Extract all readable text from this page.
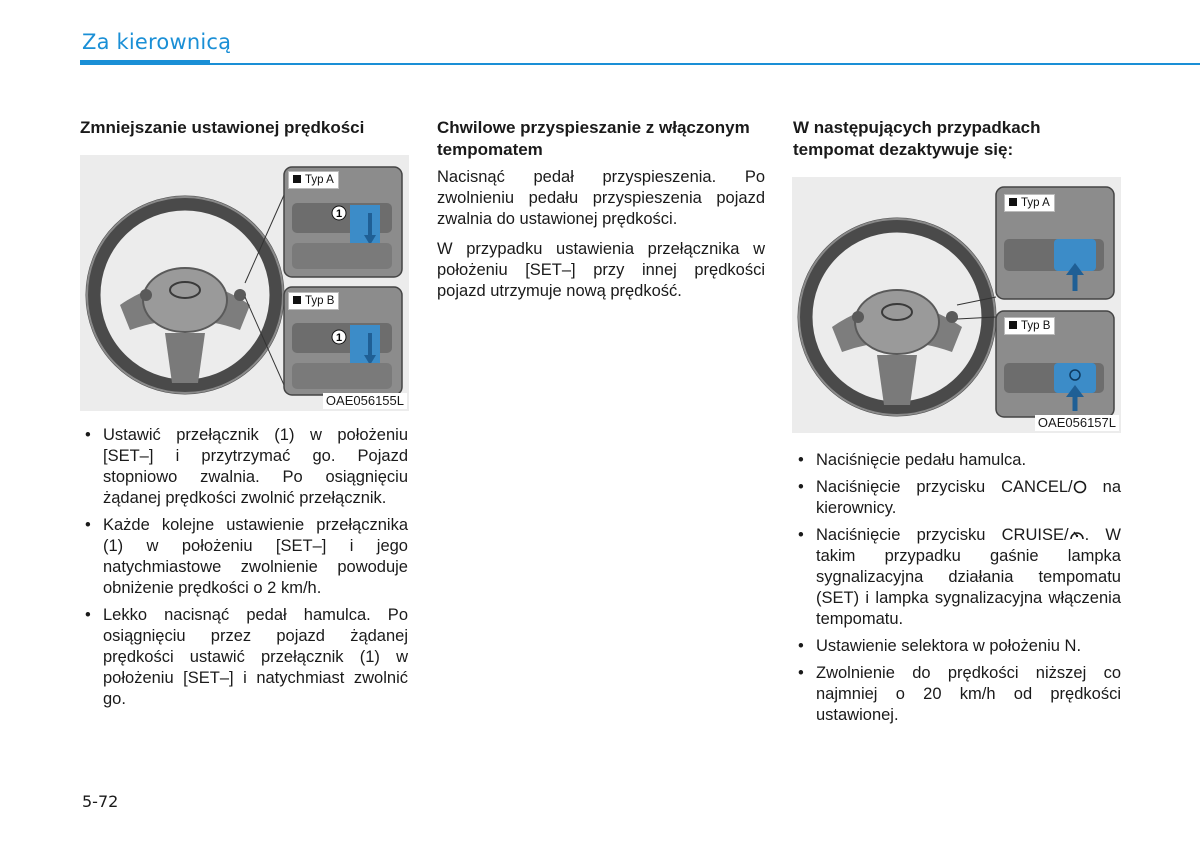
Za kierownicą
Zmniejszanie ustawionej prędkości
1
1
Typ A
Typ B
OAE056155L
• Ustawić przełącznik (1) w położeniu [SET–] i przytrzymać go. Pojazd stopniowo zwalnia. Po osiągnięciu żądanej prędkości zwolnić przełącznik.
• Każde kolejne ustawienie przełącznika (1) w położeniu [SET–] i jego natychmiastowe zwolnienie powoduje obniżenie prędkości o 2 km/h.
• Lekko nacisnąć pedał hamulca. Po osiągnięciu przez pojazd żądanej prędkości ustawić przełącznik (1) w położeniu [SET–] i natychmiast zwolnić go.
Chwilowe przyspieszanie z włączonym tempomatem

Nacisnąć pedał przyspieszenia. Po zwolnieniu pedału przyspieszenia pojazd zwalnia do ustawionej prędkości.

W przypadku ustawienia przełącznika w położeniu [SET–] przy innej prędkości pojazd utrzymuje nową prędkość.

W następujących przypadkach tempomat dezaktywuje się:
Typ A
Typ B
OAE056157L
• Naciśnięcie pedału hamulca.
• Naciśnięcie przycisku CANCEL/ na kierownicy.
• Naciśnięcie przycisku CRUISE/ . W takim przypadku gaśnie lampka sygnalizacyjna działania tempomatu (SET) i lampka sygnalizacyjna włączenia tempomatu.
• Ustawienie selektora w położeniu N.
• Zwolnienie do prędkości niższej co najmniej o 20 km/h od prędkości ustawionej.
5-72
